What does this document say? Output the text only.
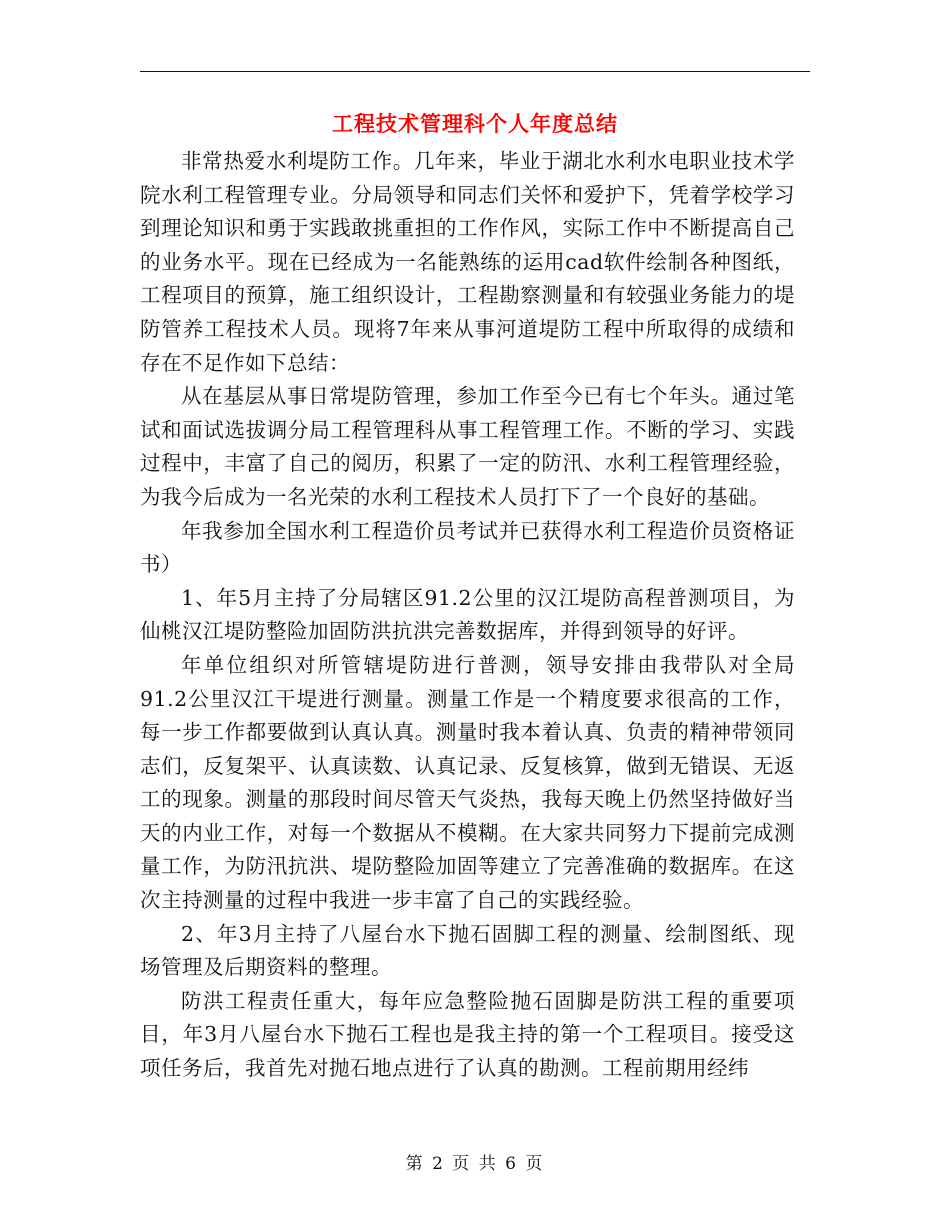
工程技术管理科个人年度总结

非常热爱水利堤防工作。几年来，毕业于湖北水利水电职业技术学院水利工程管理专业。分局领导和同志们关怀和爱护下，凭着学校学习到理论知识和勇于实践敢挑重担的工作作风，实际工作中不断提高自己的业务水平。现在已经成为一名能熟练的运用cad软件绘制各种图纸，工程项目的预算，施工组织设计，工程勘察测量和有较强业务能力的堤防管养工程技术人员。现将7年来从事河道堤防工程中所取得的成绩和存在不足作如下总结：

从在基层从事日常堤防管理，参加工作至今已有七个年头。通过笔试和面试选拔调分局工程管理科从事工程管理工作。不断的学习、实践过程中，丰富了自己的阅历，积累了一定的防汛、水利工程管理经验，为我今后成为一名光荣的水利工程技术人员打下了一个良好的基础。

年我参加全国水利工程造价员考试并已获得水利工程造价员资格证书）

1、年5月主持了分局辖区91.2公里的汉江堤防高程普测项目，为仙桃汉江堤防整险加固防洪抗洪完善数据库，并得到领导的好评。

年单位组织对所管辖堤防进行普测，领导安排由我带队对全局91.2公里汉江干堤进行测量。测量工作是一个精度要求很高的工作，每一步工作都要做到认真认真。测量时我本着认真、负责的精神带领同志们，反复架平、认真读数、认真记录、反复核算，做到无错误、无返工的现象。测量的那段时间尽管天气炎热，我每天晚上仍然坚持做好当天的内业工作，对每一个数据从不模糊。在大家共同努力下提前完成测量工作，为防汛抗洪、堤防整险加固等建立了完善准确的数据库。在这次主持测量的过程中我进一步丰富了自己的实践经验。

2、年3月主持了八屋台水下抛石固脚工程的测量、绘制图纸、现场管理及后期资料的整理。

防洪工程责任重大，每年应急整险抛石固脚是防洪工程的重要项目，年3月八屋台水下抛石工程也是我主持的第一个工程项目。接受这项任务后，我首先对抛石地点进行了认真的勘测。工程前期用经纬

第 2 页 共 6 页
